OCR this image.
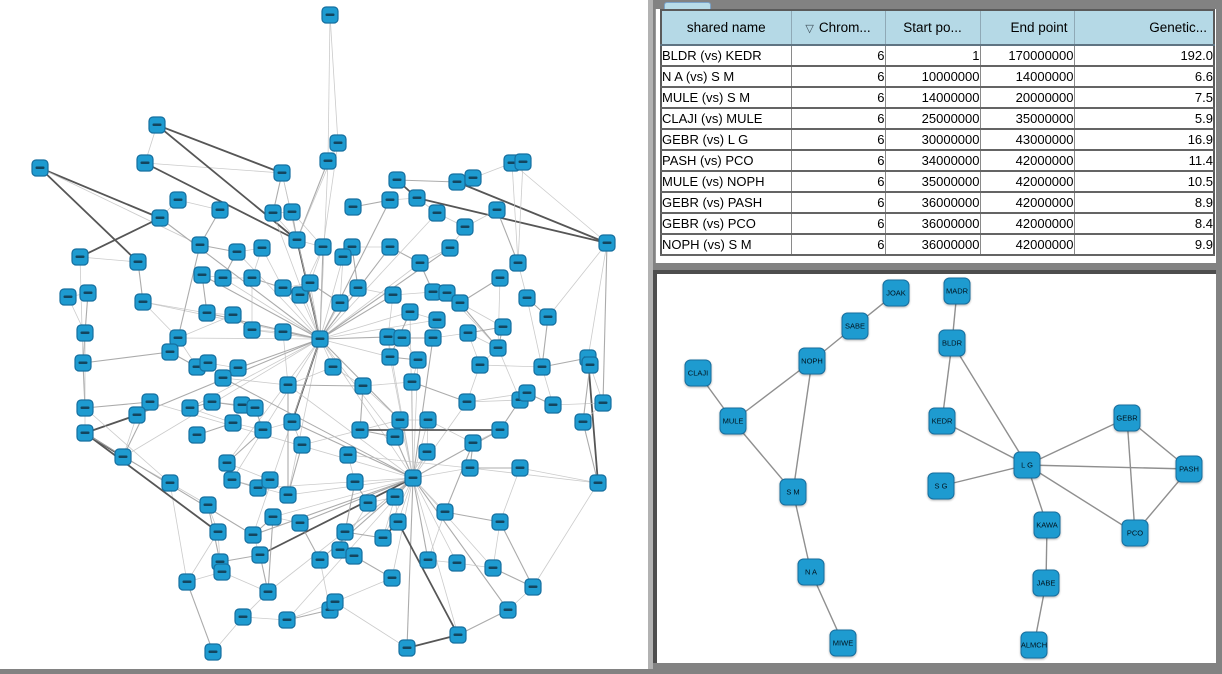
shared name	▽ Chrom...	Start po...	End point	Genetic...
BLDR (vs) KEDR	6	1	170000000	192.0
N A (vs) S M	6	10000000	14000000	6.6
MULE (vs) S M	6	14000000	20000000	7.5
CLAJI (vs) MULE	6	25000000	35000000	5.9
GEBR (vs) L G	6	30000000	43000000	16.9
PASH (vs) PCO	6	34000000	42000000	11.4
MULE (vs) NOPH	6	35000000	42000000	10.5
GEBR (vs) PASH	6	36000000	42000000	8.9
GEBR (vs) PCO	6	36000000	42000000	8.4
NOPH (vs) S M	6	36000000	42000000	9.9
JOAK	MADR
SABE
NOPH
BLDR
CLAJI
MULE	KEDR	GEBR
L G
S G
PASH
KAWA
PCO
S M
N A
MIWE
JABE
ALMCH
